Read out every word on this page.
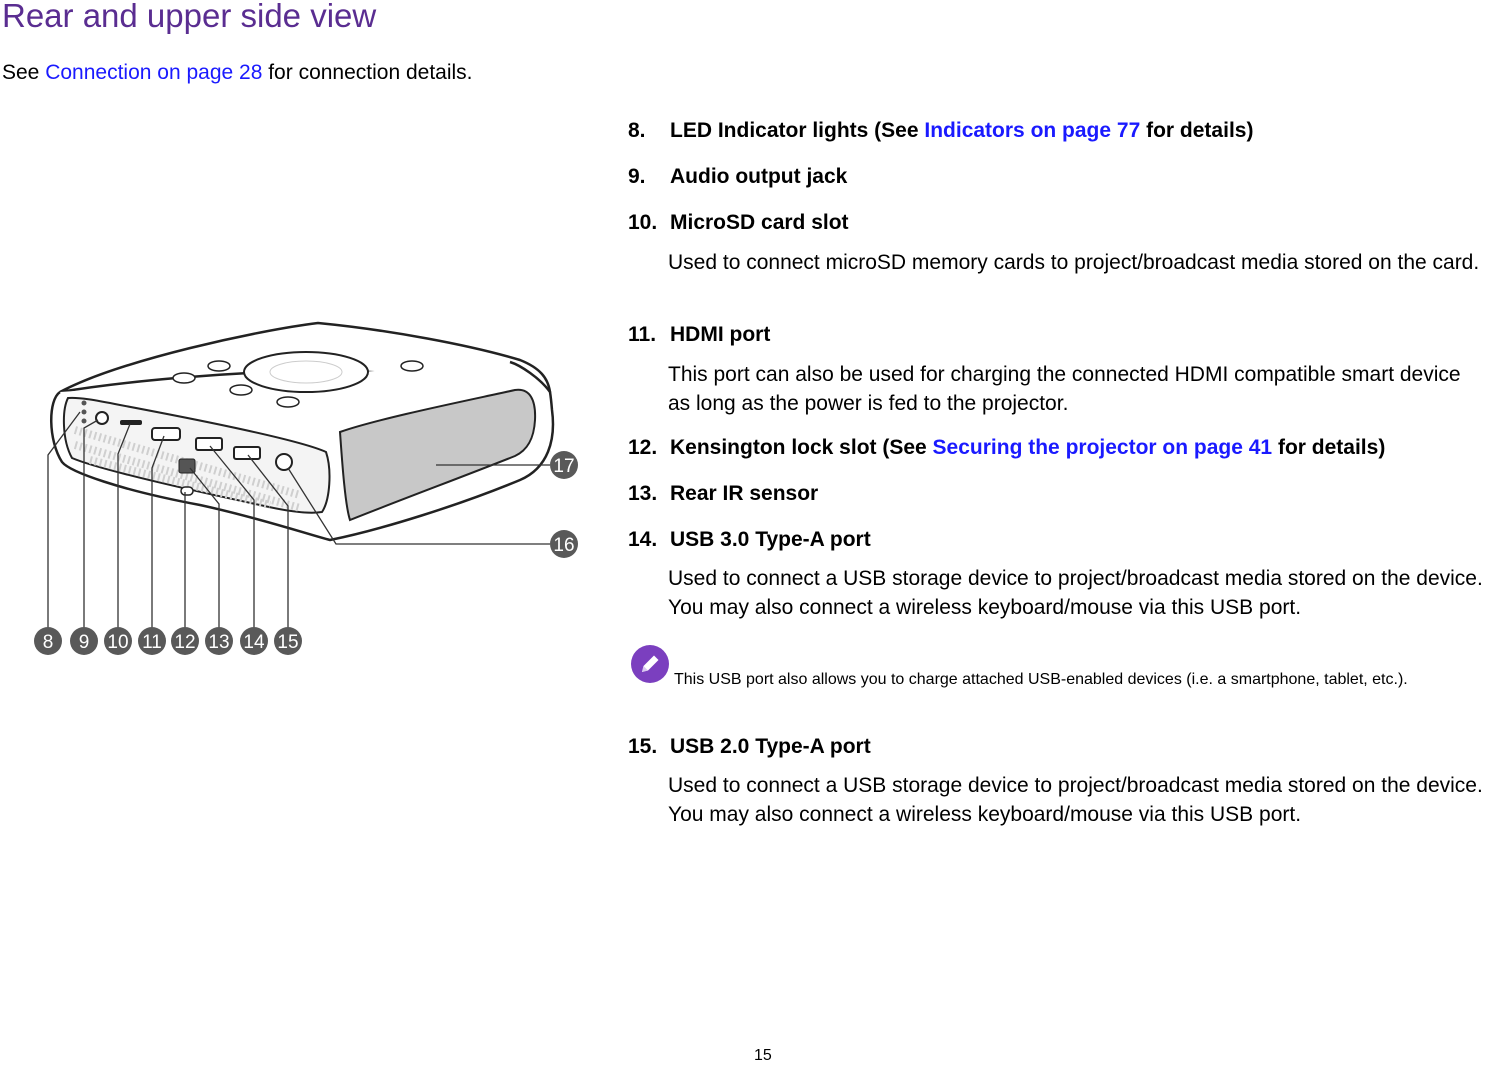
Rear and upper side view
See Connection on page 28 for connection details.
8 9 10 11 12 13 14 15
16
17
8. LED Indicator lights (See Indicators on page 77 for details)
9. Audio output jack
10. MicroSD card slot
Used to connect microSD memory cards to project/broadcast media stored on the card.
11. HDMI port
This port can also be used for charging the connected HDMI compatible smart device as long as the power is fed to the projector.
12. Kensington lock slot (See Securing the projector on page 41 for details)
13. Rear IR sensor
14. USB 3.0 Type-A port
Used to connect a USB storage device to project/broadcast media stored on the device. You may also connect a wireless keyboard/mouse via this USB port.
This USB port also allows you to charge attached USB-enabled devices (i.e. a smartphone, tablet, etc.).
15. USB 2.0 Type-A port
Used to connect a USB storage device to project/broadcast media stored on the device. You may also connect a wireless keyboard/mouse via this USB port.
15
